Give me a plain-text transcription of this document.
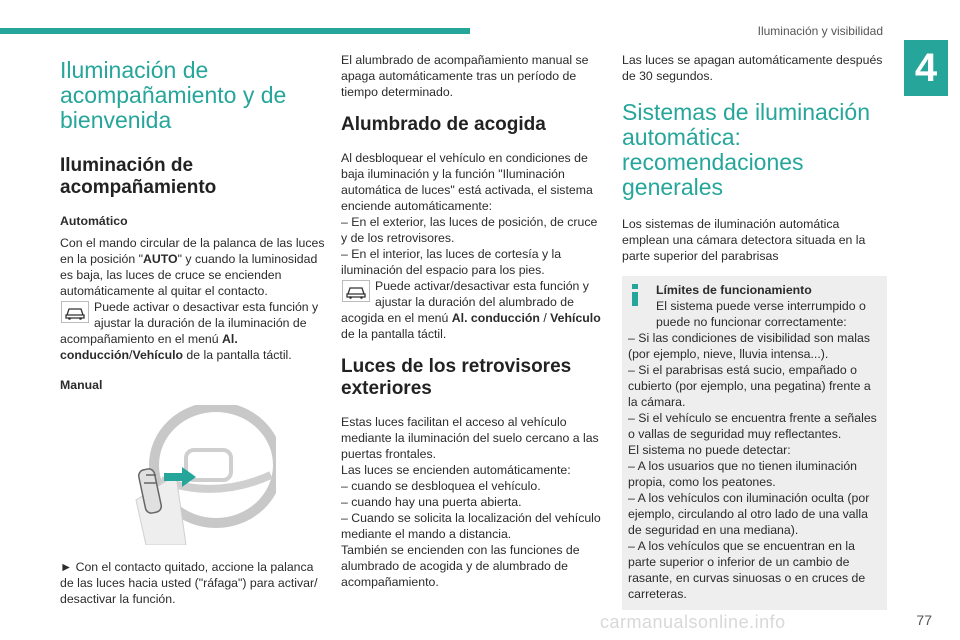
Iluminación y visibilidad
4
Iluminación de acompañamiento y de bienvenida
Iluminación de acompañamiento

Automático

Con el mando circular de la palanca de las luces en la posición "AUTO" y cuando la luminosidad es baja, las luces de cruce se encienden automáticamente al quitar el contacto.

Puede activar o desactivar esta función y ajustar la duración de la iluminación de acompañamiento en el menú Al. conducción/Vehículo de la pantalla táctil.

Manual

► Con el contacto quitado, accione la palanca de las luces hacia usted ("ráfaga") para activar/ desactivar la función.

El alumbrado de acompañamiento manual se apaga automáticamente tras un período de tiempo determinado.

Alumbrado de acogida

Al desbloquear el vehículo en condiciones de baja iluminación y la función "Iluminación automática de luces" está activada, el sistema enciende automáticamente:

– En el exterior, las luces de posición, de cruce y de los retrovisores.

– En el interior, las luces de cortesía y la iluminación del espacio para los pies.

Puede activar/desactivar esta función y ajustar la duración del alumbrado de acogida en el menú Al. conducción / Vehículo de la pantalla táctil.

Luces de los retrovisores exteriores

Estas luces facilitan el acceso al vehículo mediante la iluminación del suelo cercano a las puertas frontales.

Las luces se encienden automáticamente:

– cuando se desbloquea el vehículo.

– cuando hay una puerta abierta.

– Cuando se solicita la localización del vehículo mediante el mando a distancia.

También se encienden con las funciones de alumbrado de acogida y de alumbrado de acompañamiento.

Las luces se apagan automáticamente después de 30 segundos.

Sistemas de iluminación automática: recomendaciones generales

Los sistemas de iluminación automática emplean una cámara detectora situada en la parte superior del parabrisas

Límites de funcionamiento

El sistema puede verse interrumpido o puede no funcionar correctamente:

– Si las condiciones de visibilidad son malas (por ejemplo, nieve, lluvia intensa...).

– Si el parabrisas está sucio, empañado o cubierto (por ejemplo, una pegatina) frente a la cámara.

– Si el vehículo se encuentra frente a señales o vallas de seguridad muy reflectantes.

El sistema no puede detectar:

– A los usuarios que no tienen iluminación propia, como los peatones.

– A los vehículos con iluminación oculta (por ejemplo, circulando al otro lado de una valla de seguridad en una mediana).

– A los vehículos que se encuentran en la parte superior o inferior de un cambio de rasante, en curvas sinuosas o en cruces de carreteras.

carmanualsonline.info	77
